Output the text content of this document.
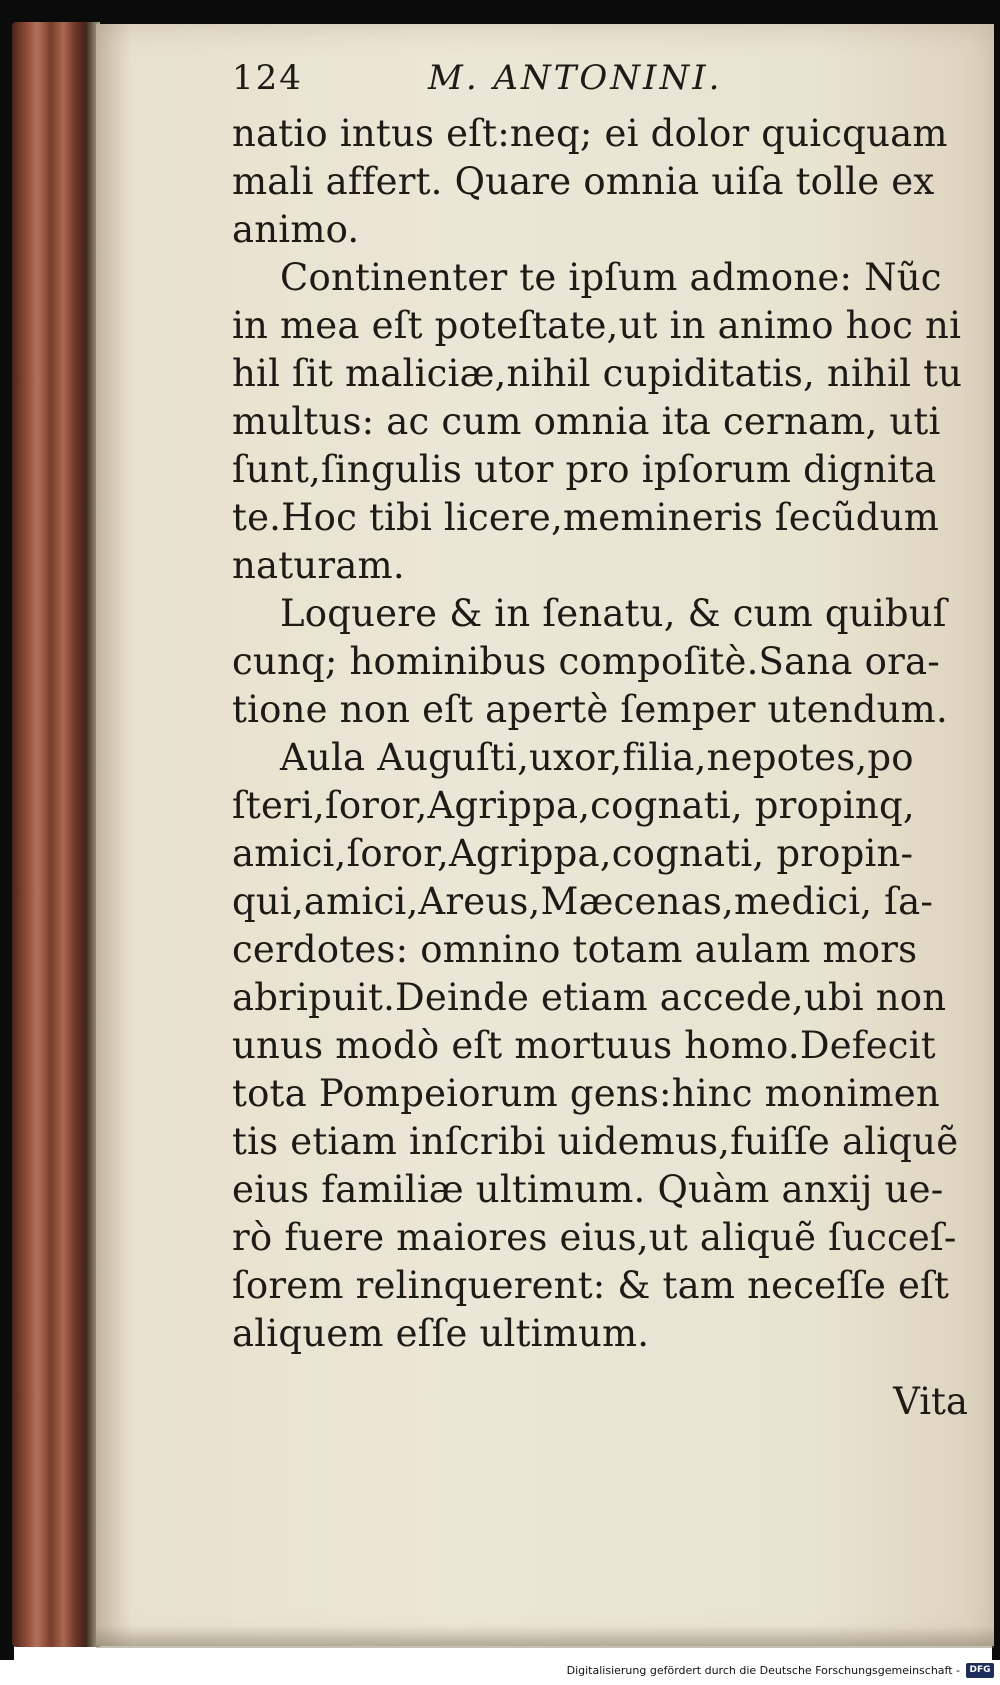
124	M. ANTONINI.
natio intus eſt:neq; ei dolor quicquam
mali affert. Quare omnia uiſa tolle ex
animo.
Continenter te ipſum admone: Nũc
in mea eſt poteſtate,ut in animo hoc ni
hil ſit maliciæ,nihil cupiditatis, nihil tu
multus: ac cum omnia ita cernam, uti
ſunt,ſingulis utor pro ipſorum dignita
te.Hoc tibi licere,memineris ſecũdum
naturam.
Loquere & in ſenatu, & cum quibuſ
cunq; hominibus compoſitè.Sana ora-
tione non eſt apertè ſemper utendum.
Aula Auguſti,uxor,filia,nepotes,po
ſteri,ſoror,Agrippa,cognati, propinq,
amici,ſoror,Agrippa,cognati, propin-
qui,amici,Areus,Mæcenas,medici, ſa-
cerdotes: omnino totam aulam mors
abripuit.Deinde etiam accede,ubi non
unus modò eſt mortuus homo.Defecit
tota Pompeiorum gens:hinc monimen
tis etiam inſcribi uidemus,fuiſſe aliquẽ
eius familiæ ultimum. Quàm anxij ue-
rò fuere maiores eius,ut aliquẽ ſucceſ-
ſorem relinquerent: & tam neceſſe eſt
aliquem eſſe ultimum.
Vita
Digitalisierung gefördert durch die Deutsche Forschungsgemeinschaft -	DFG
